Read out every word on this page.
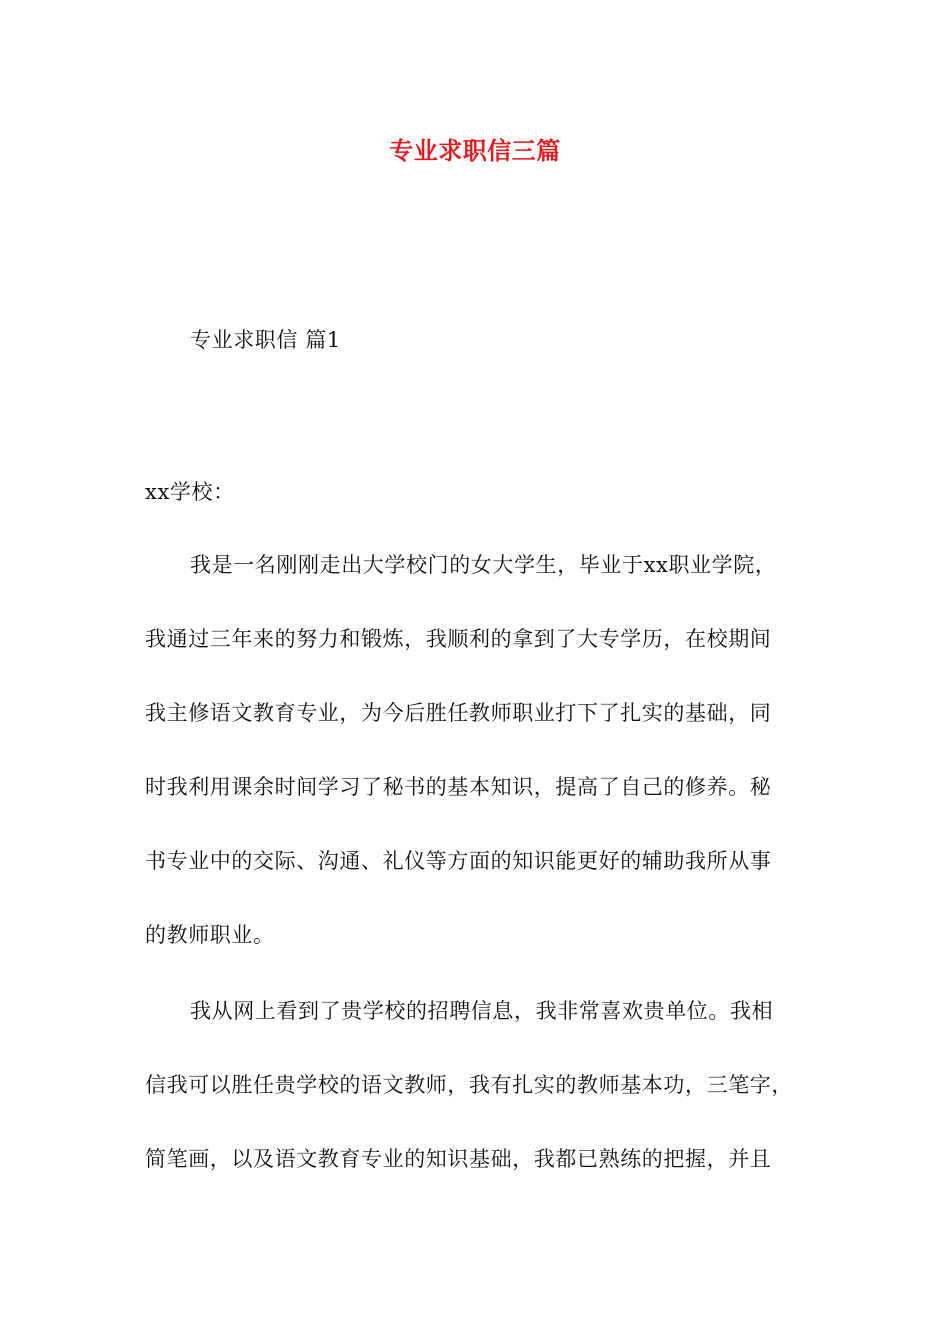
专业求职信三篇

专业求职信 篇1

xx学校：

我是一名刚刚走出大学校门的女大学生，毕业于xx职业学院，

我通过三年来的努力和锻炼，我顺利的拿到了大专学历，在校期间

我主修语文教育专业，为今后胜任教师职业打下了扎实的基础，同

时我利用课余时间学习了秘书的基本知识，提高了自己的修养。秘

书专业中的交际、沟通、礼仪等方面的知识能更好的辅助我所从事

的教师职业。

我从网上看到了贵学校的招聘信息，我非常喜欢贵单位。我相

信我可以胜任贵学校的语文教师，我有扎实的教师基本功，三笔字，

简笔画，以及语文教育专业的知识基础，我都已熟练的把握，并且
